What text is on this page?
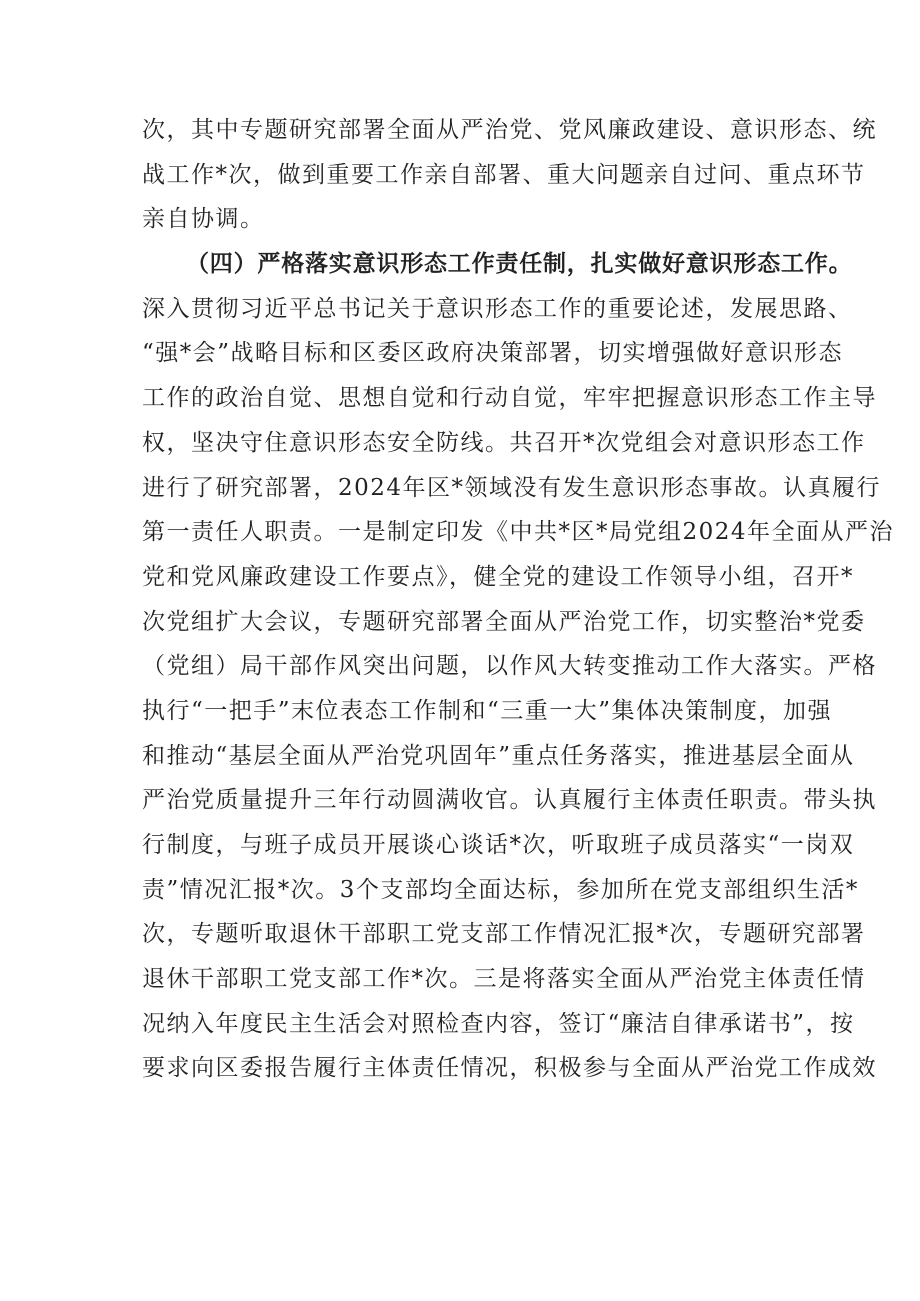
次，其中专题研究部署全面从严治党、党风廉政建设、意识形态、统
战工作*次，做到重要工作亲自部署、重大问题亲自过问、重点环节
亲自协调。
（四）严格落实意识形态工作责任制，扎实做好意识形态工作。
深入贯彻习近平总书记关于意识形态工作的重要论述，发展思路、
“强*会”战略目标和区委区政府决策部署，切实增强做好意识形态
工作的政治自觉、思想自觉和行动自觉，牢牢把握意识形态工作主导
权，坚决守住意识形态安全防线。共召开*次党组会对意识形态工作
进行了研究部署，2024年区*领域没有发生意识形态事故。认真履行
第一责任人职责。一是制定印发《中共*区*局党组2024年全面从严治
党和党风廉政建设工作要点》，健全党的建设工作领导小组，召开*
次党组扩大会议，专题研究部署全面从严治党工作，切实整治*党委
（党组）局干部作风突出问题，以作风大转变推动工作大落实。严格
执行“一把手”末位表态工作制和“三重一大”集体决策制度，加强
和推动“基层全面从严治党巩固年”重点任务落实，推进基层全面从
严治党质量提升三年行动圆满收官。认真履行主体责任职责。带头执
行制度，与班子成员开展谈心谈话*次，听取班子成员落实“一岗双
责”情况汇报*次。3个支部均全面达标，参加所在党支部组织生活*
次，专题听取退休干部职工党支部工作情况汇报*次，专题研究部署
退休干部职工党支部工作*次。三是将落实全面从严治党主体责任情
况纳入年度民主生活会对照检查内容，签订“廉洁自律承诺书”，按
要求向区委报告履行主体责任情况，积极参与全面从严治党工作成效
